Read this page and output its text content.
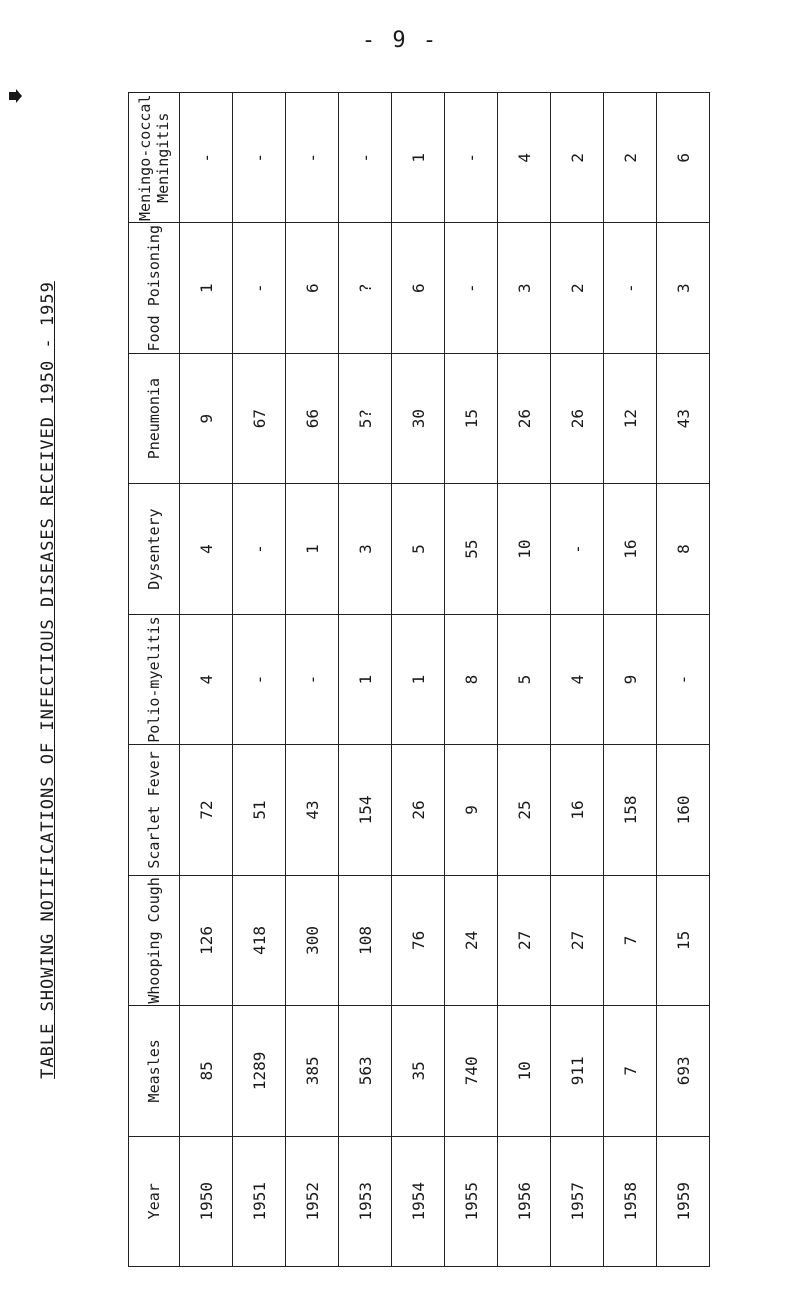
- 9 -
TABLE SHOWING NOTIFICATIONS OF INFECTIOUS DISEASES RECEIVED 1950 - 1959
Year	Measles	Whooping Cough	Scarlet Fever	Polio-myelitis	Dysentery	Pneumonia	Food Poisoning	Meningo-coccal Meningitis
1950	85	126	72	4	4	9	1	-
1951	1289	418	51	-	-	67	-	-
1952	385	300	43	-	1	66	6	-
1953	563	108	154	1	3	5?	?	-
1954	35	76	26	1	5	30	6	1
1955	740	24	9	8	55	15	-	-
1956	10	27	25	5	10	26	3	4
1957	911	27	16	4	-	26	2	2
1958	7	7	158	9	16	12	-	2
1959	693	15	160	-	8	43	3	6
